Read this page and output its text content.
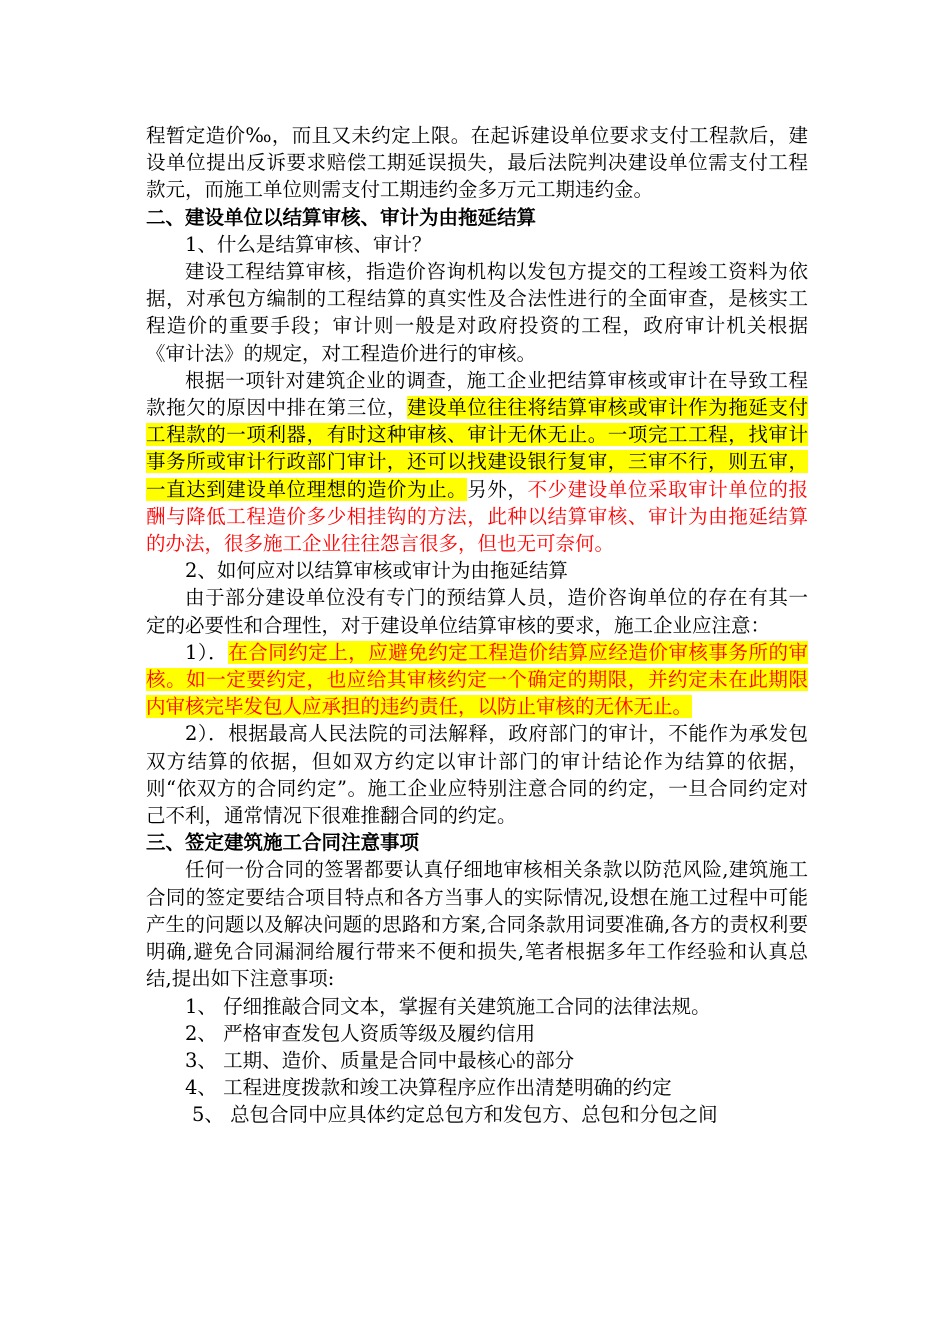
程暂定造价‰，而且又未约定上限。在起诉建设单位要求支付工程款后，建设单位提出反诉要求赔偿工期延误损失，最后法院判决建设单位需支付工程款元，而施工单位则需支付工期违约金多万元工期违约金。

二、建设单位以结算审核、审计为由拖延结算

1、什么是结算审核、审计？

建设工程结算审核，指造价咨询机构以发包方提交的工程竣工资料为依据，对承包方编制的工程结算的真实性及合法性进行的全面审查，是核实工程造价的重要手段；审计则一般是对政府投资的工程，政府审计机关根据《审计法》的规定，对工程造价进行的审核。

根据一项针对建筑企业的调查，施工企业把结算审核或审计在导致工程款拖欠的原因中排在第三位，建设单位往往将结算审核或审计作为拖延支付工程款的一项利器，有时这种审核、审计无休无止。一项完工工程，找审计事务所或审计行政部门审计，还可以找建设银行复审，三审不行，则五审，一直达到建设单位理想的造价为止。另外，不少建设单位采取审计单位的报酬与降低工程造价多少相挂钩的方法，此种以结算审核、审计为由拖延结算的办法，很多施工企业往往怨言很多，但也无可奈何。

2、如何应对以结算审核或审计为由拖延结算

由于部分建设单位没有专门的预结算人员，造价咨询单位的存在有其一定的必要性和合理性，对于建设单位结算审核的要求，施工企业应注意：

1）．在合同约定上，应避免约定工程造价结算应经造价审核事务所的审核。如一定要约定，也应给其审核约定一个确定的期限，并约定未在此期限内审核完毕发包人应承担的违约责任，以防止审核的无休无止。

2）．根据最高人民法院的司法解释，政府部门的审计，不能作为承发包双方结算的依据，但如双方约定以审计部门的审计结论作为结算的依据，则“依双方的合同约定”。施工企业应特别注意合同的约定，一旦合同约定对己不利，通常情况下很难推翻合同的约定。

三、签定建筑施工合同注意事项

任何一份合同的签署都要认真仔细地审核相关条款以防范风险,建筑施工合同的签定要结合项目特点和各方当事人的实际情况,设想在施工过程中可能产生的问题以及解决问题的思路和方案,合同条款用词要准确,各方的责权利要明确,避免合同漏洞给履行带来不便和损失,笔者根据多年工作经验和认真总结,提出如下注意事项:

1、 仔细推敲合同文本，掌握有关建筑施工合同的法律法规。

2、 严格审查发包人资质等级及履约信用

3、 工期、造价、质量是合同中最核心的部分

4、 工程进度拨款和竣工决算程序应作出清楚明确的约定

5、 总包合同中应具体约定总包方和发包方、总包和分包之间
